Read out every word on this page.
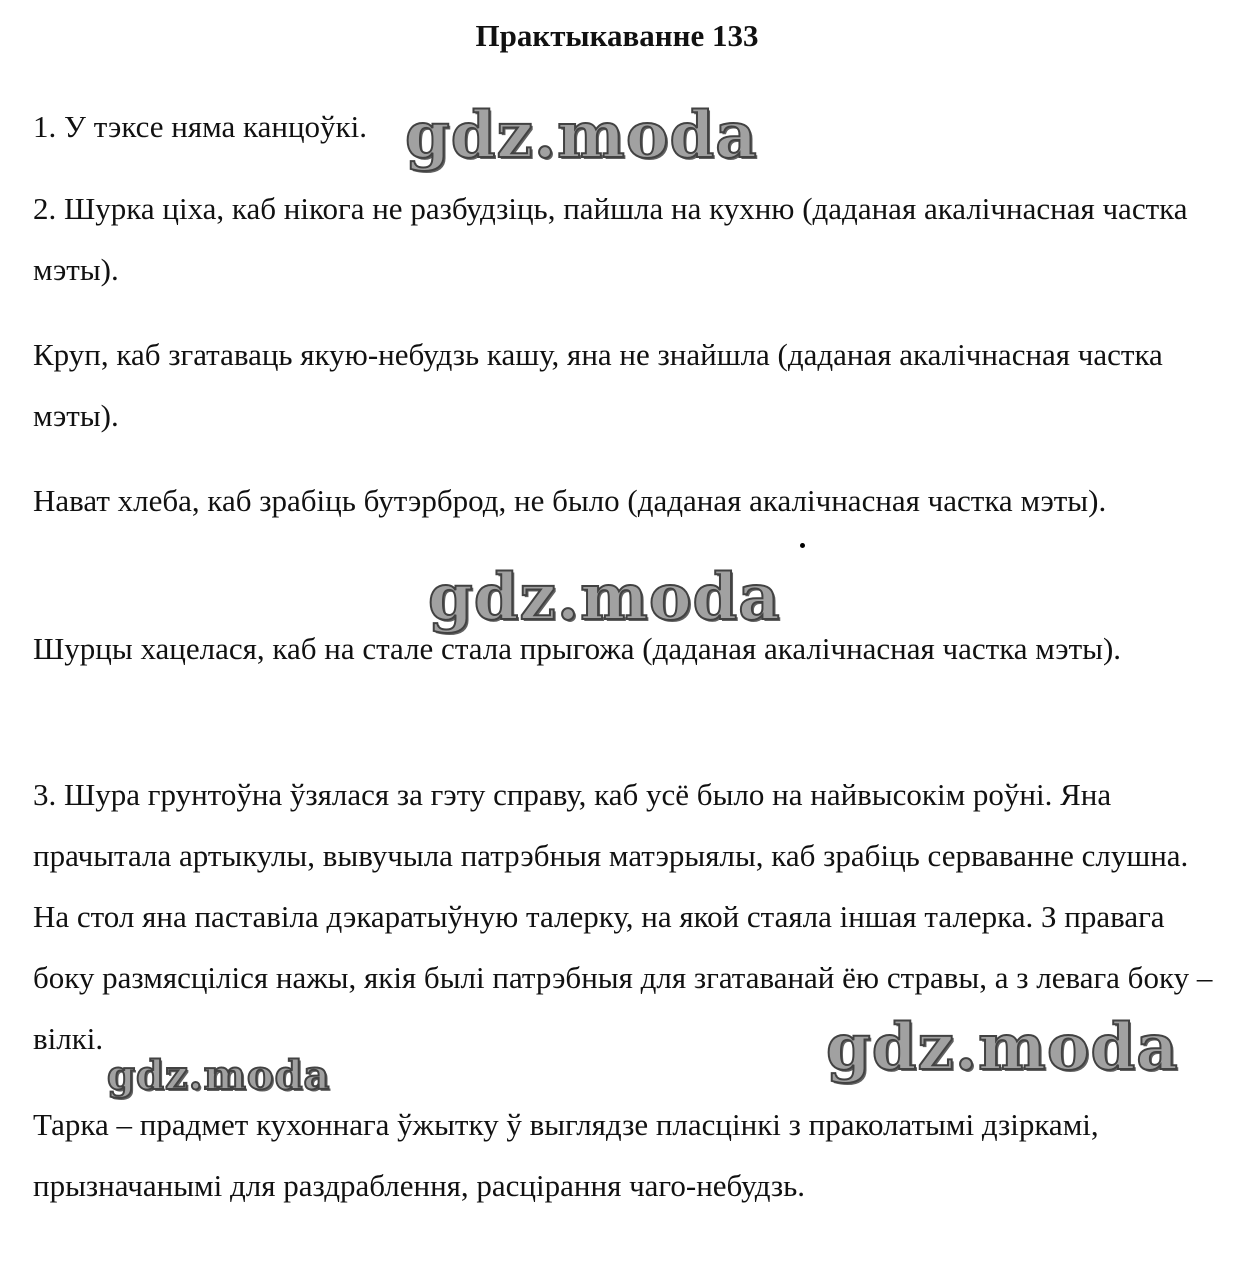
Практыкаванне 133

1. У тэксе няма канцоўкі.

2. Шурка ціха, каб нікога не разбудзіць, пайшла на кухню (даданая акалічнасная частка мэты).

Круп, каб згатаваць якую-небудзь кашу, яна не знайшла (даданая акалічнасная частка мэты).

Нават хлеба, каб зрабіць бутэрброд, не было (даданая акалічнасная частка мэты).

Шурцы хацелася, каб на стале стала прыгожа (даданая акалічнасная частка мэты).

3. Шура грунтоўна ўзялася за гэту справу, каб усё было на найвысокім роўні. Яна прачытала артыкулы, вывучыла патрэбныя матэрыялы, каб зрабіць серваванне слушна. На стол яна паставіла дэкаратыўную талерку, на якой стаяла іншая талерка. З правага боку размясціліся нажы, якія былі патрэбныя для згатаванай ёю стравы, а з левага боку – вілкі.

Тарка – прадмет кухоннага ўжытку ў выглядзе пласцінкі з праколатымі дзіркамі, прызначанымі для раздраблення, расцірання чаго-небудзь.

gdz.moda
gdz.moda
gdz.moda
gdz.moda
